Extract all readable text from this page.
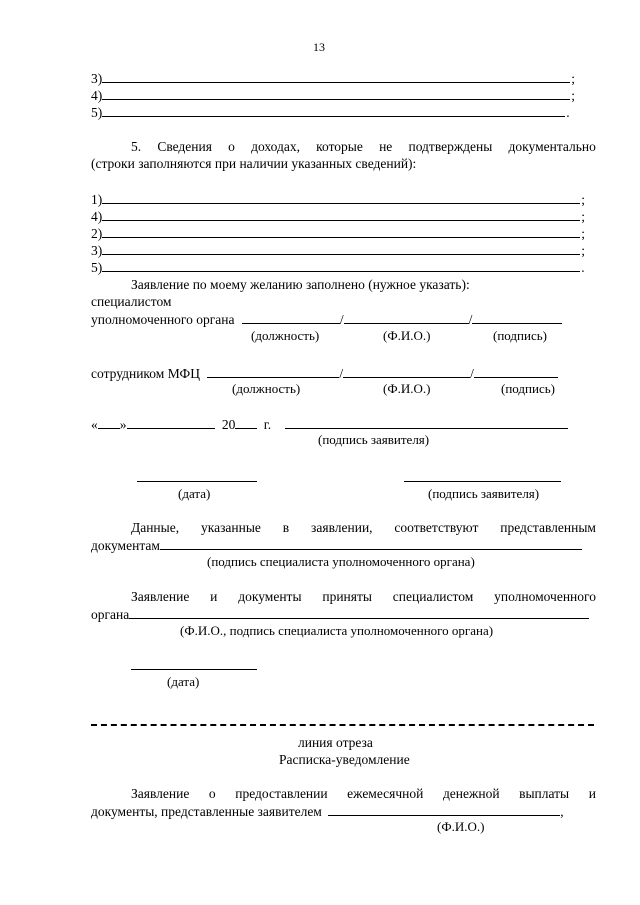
13
3)	;
4)	;
5)	.
5. Сведения о доходах, которые не подтверждены документально
(строки заполняются при наличии указанных сведений):
1)	;
4)	;
2)	;
3)	;
5)	.
Заявление по моему желанию заполнено (нужное указать):
специалистом
уполномоченного органа	/	/
(должность)	(Ф.И.О.)	(подпись)
сотрудником МФЦ	/	/
(должность)	(Ф.И.О.)	(подпись)
« »	20 г.
(подпись заявителя)
(дата)	(подпись заявителя)
Данные, указанные в заявлении, соответствуют представленным
документам
(подпись специалиста уполномоченного органа)
Заявление и документы приняты специалистом уполномоченного
органа
(Ф.И.О., подпись специалиста уполномоченного органа)
(дата)
линия отреза
Расписка-уведомление
Заявление о предоставлении ежемесячной денежной выплаты и
документы, представленные заявителем	,
(Ф.И.О.)
